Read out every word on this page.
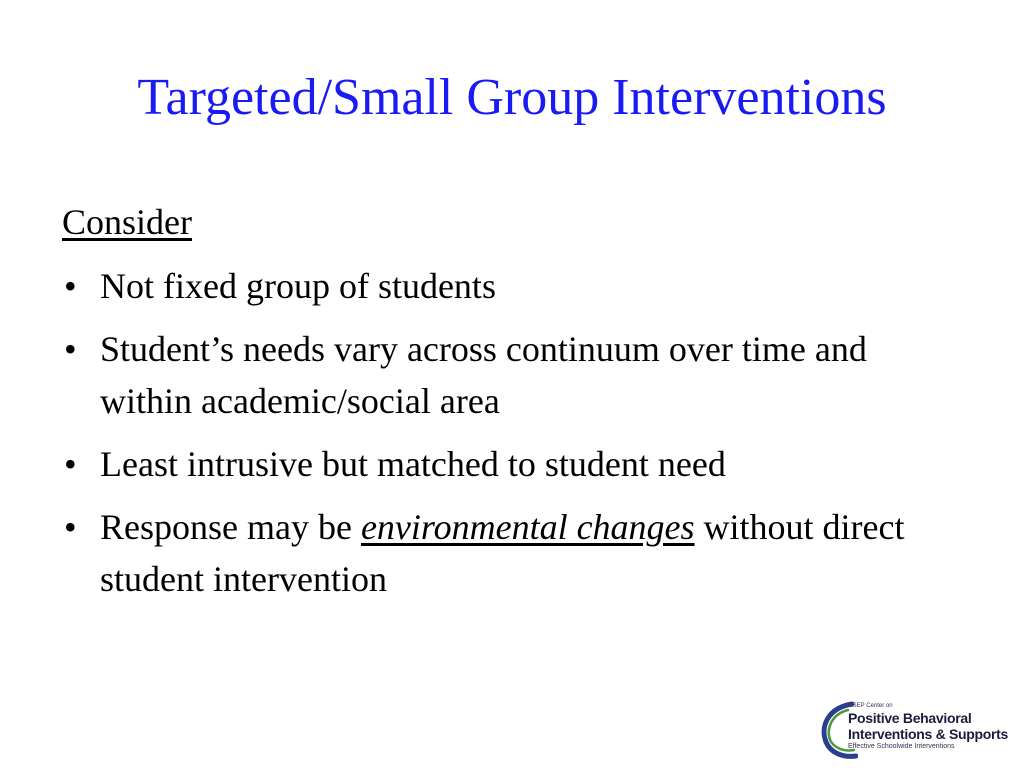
Targeted/Small Group Interventions
Consider
• Not fixed group of students
• Student’s needs vary across continuum over time and within academic/social area
• Least intrusive but matched to student need
• Response may be environmental changes without direct student intervention
OSEP Center on
Positive Behavioral
Interventions & Supports
Effective Schoolwide Interventions
